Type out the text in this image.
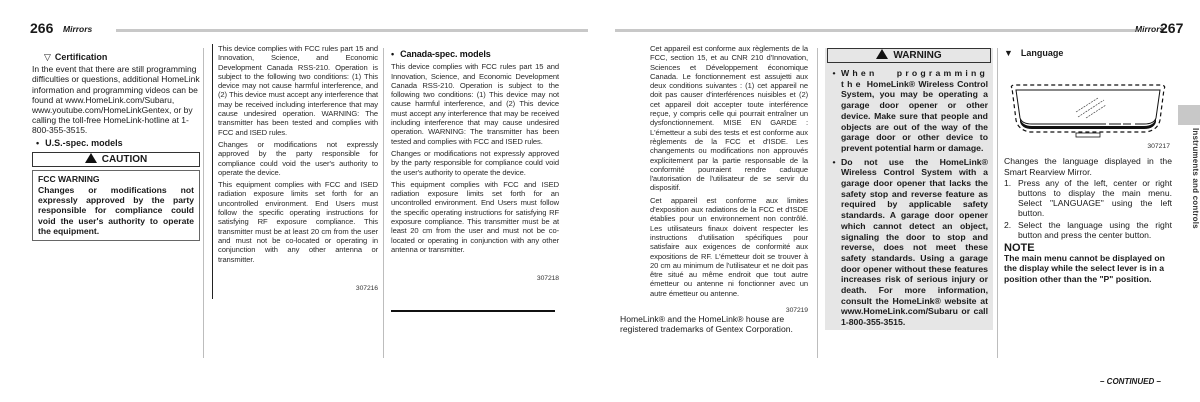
266 Mirrors	Mirrors
267
▽ Certification
In the event that there are still programming difficulties or questions, additional HomeLink information and programming videos can be found at www.HomeLink.com/Subaru, www.youtube.com/HomeLinkGentex, or by calling the toll-free HomeLink-hotline at 1-800-355-3515.
• U.S.-spec. models
CAUTION
FCC WARNING
Changes or modifications not expressly approved by the party responsible for compliance could void the user's authority to operate the equipment.

This device complies with FCC rules part 15 and Innovation, Science, and Economic Development Canada RSS-210. Operation is subject to the following two conditions: (1) This device may not cause harmful interference, and (2) This device must accept any interference that may be received including interference that may cause undesired operation. WARNING: The transmitter has been tested and complies with FCC and ISED rules.

Changes or modifications not expressly approved by the party responsible for compliance could void the user's authority to operate the device.

This equipment complies with FCC and ISED radiation exposure limits set forth for an uncontrolled environment. End Users must follow the specific operating instructions for satisfying RF exposure compliance. This transmitter must be at least 20 cm from the user and must not be co-located or operating in conjunction with any other antenna or transmitter.

307216
• Canada-spec. models

This device complies with FCC rules part 15 and Innovation, Science, and Economic Development Canada RSS-210. Operation is subject to the following two conditions: (1) This device may not cause harmful interference, and (2) This device must accept any interference that may be received including interference that may cause undesired operation. WARNING: The transmitter has been tested and complies with FCC and ISED rules.

Changes or modifications not expressly approved by the party responsible for compliance could void the user's authority to operate the device.

This equipment complies with FCC and ISED radiation exposure limits set forth for an uncontrolled environment. End Users must follow the specific operating instructions for satisfying RF exposure compliance. This transmitter must be at least 20 cm from the user and must not be co-located or operating in conjunction with any other antenna or transmitter.

307218

Cet appareil est conforme aux règlements de la FCC, section 15, et au CNR 210 d'Innovation, Sciences et Développement économique Canada. Le fonctionnement est assujetti aux deux conditions suivantes : (1) cet appareil ne doit pas causer d'interférences nuisibles et (2) cet appareil doit accepter toute interférence reçue, y compris celle qui pourrait entraîner un dysfonctionnement. MISE EN GARDE : L'émetteur a subi des tests et est conforme aux règlements de la FCC et d'ISDE. Les changements ou modifications non approuvés explicitement par la partie responsable de la conformité pourraient rendre caduque l'autorisation de l'utilisateur de se servir du dispositif.

Cet appareil est conforme aux limites d'exposition aux radiations de la FCC et d'ISDE établies pour un environnement non contrôlé. Les utilisateurs finaux doivent respecter les instructions d'utilisation spécifiques pour satisfaire aux exigences de conformité aux expositions de RF. L'émetteur doit se trouver à 20 cm au minimum de l'utilisateur et ne doit pas être situé au même endroit que tout autre émetteur ou antenne ni fonctionner avec un autre émetteur ou antenne.

307219
HomeLink® and the HomeLink® house are registered trademarks of Gentex Corporation.
WARNING
• When programming the HomeLink® Wireless Control System, you may be operating a garage door opener or other device. Make sure that people and objects are out of the way of the garage door or other device to prevent potential harm or damage.
• Do not use the HomeLink® Wireless Control System with a garage door opener that lacks the safety stop and reverse feature as required by applicable safety standards. A garage door opener which cannot detect an object, signaling the door to stop and reverse, does not meet these safety standards. Using a garage door opener without these features increases risk of serious injury or death. For more information, consult the HomeLink® website at www.HomeLink.com/Subaru or call 1-800-355-3515.
▼ Language
307217
Changes the language displayed in the Smart Rearview Mirror.
1. Press any of the left, center or right buttons to display the main menu. Select "LANGUAGE" using the left button.
2. Select the language using the right button and press the center button.
NOTE
The main menu cannot be displayed on the display while the select lever is in a position other than the "P" position.
– CONTINUED –
Instruments and controls
